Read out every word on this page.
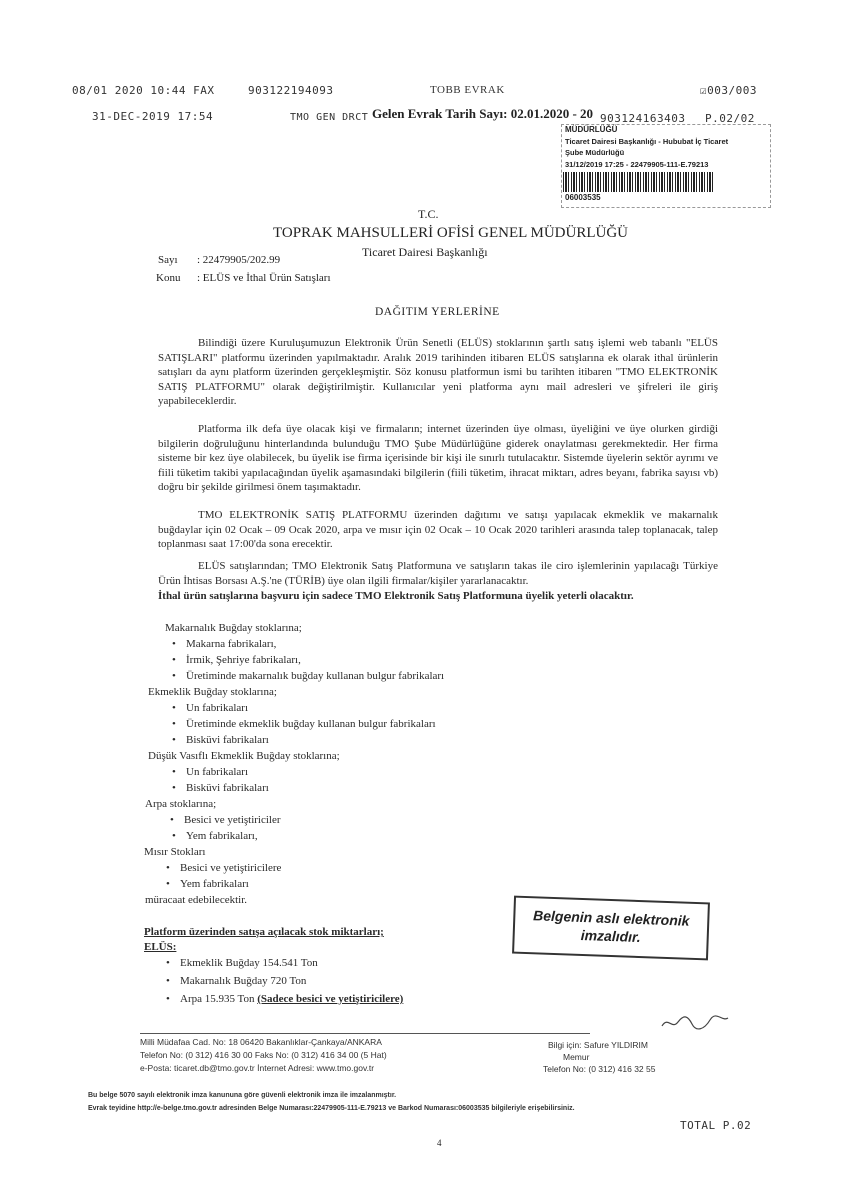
08/01 2020 10:44 FAX	903122194093	TOBB EVRAK	☑003/003
31-DEC-2019 17:54	TMO GEN DRCT Gelen Evrak Tarih Sayı: 02.01.2020 - 20 903124163403 P.02/02
MÜDÜRLÜĞÜ
Ticaret Dairesi Başkanlığı - Hububat İç Ticaret
Şube Müdürlüğü
31/12/2019 17:25 - 22479905-111-E.79213
06003535
T.C.
TOPRAK MAHSULLERİ OFİSİ GENEL MÜDÜRLÜĞÜ
Ticaret Dairesi Başkanlığı
Sayı : 22479905/202.99
Konu : ELÜS ve İthal Ürün Satışları
DAĞITIM YERLERİNE
Bilindiği üzere Kuruluşumuzun Elektronik Ürün Senetli (ELÜS) stoklarının şartlı satış işlemi web tabanlı "ELÜS SATIŞLARI" platformu üzerinden yapılmaktadır. Aralık 2019 tarihinden itibaren ELÜS satışlarına ek olarak ithal ürünlerin satışları da aynı platform üzerinden gerçekleşmiştir. Söz konusu platformun ismi bu tarihten itibaren "TMO ELEKTRONİK SATIŞ PLATFORMU" olarak değiştirilmiştir. Kullanıcılar yeni platforma aynı mail adresleri ve şifreleri ile giriş yapabileceklerdir.
Platforma ilk defa üye olacak kişi ve firmaların; internet üzerinden üye olması, üyeliğini ve üye olurken girdiği bilgilerin doğruluğunu hinterlandında bulunduğu TMO Şube Müdürlüğüne giderek onaylatması gerekmektedir. Her firma sisteme bir kez üye olabilecek, bu üyelik ise firma içerisinde bir kişi ile sınırlı tutulacaktır. Sistemde üyelerin sektör ayrımı ve fiili tüketim takibi yapılacağından üyelik aşamasındaki bilgilerin (fiili tüketim, ihracat miktarı, adres beyanı, fabrika sayısı vb) doğru bir şekilde girilmesi önem taşımaktadır.
TMO ELEKTRONİK SATIŞ PLATFORMU üzerinden dağıtımı ve satışı yapılacak ekmeklik ve makarnalık buğdaylar için 02 Ocak – 09 Ocak 2020, arpa ve mısır için 02 Ocak – 10 Ocak 2020 tarihleri arasında talep toplanacak, talep toplanması saat 17:00'da sona erecektir.
ELÜS satışlarından; TMO Elektronik Satış Platformuna ve satışların takas ile ciro işlemlerinin yapılacağı Türkiye Ürün İhtisas Borsası A.Ş.'ne (TÜRİB) üye olan ilgili firmalar/kişiler yararlanacaktır.
İthal ürün satışlarına başvuru için sadece TMO Elektronik Satış Platformuna üyelik yeterli olacaktır.
Makarnalık Buğday stoklarına;
• Makarna fabrikaları,
• İrmik, Şehriye fabrikaları,
• Üretiminde makarnalık buğday kullanan bulgur fabrikaları
Ekmeklik Buğday stoklarına;
• Un fabrikaları
• Üretiminde ekmeklik buğday kullanan bulgur fabrikaları
• Bisküvi fabrikaları
Düşük Vasıflı Ekmeklik Buğday stoklarına;
• Un fabrikaları
• Bisküvi fabrikaları
Arpa stoklarına;
• Besici ve yetiştiriciler
• Yem fabrikaları,
Mısır Stokları
• Besici ve yetiştiricilere
• Yem fabrikaları
müracaat edebilecektir.
Platform üzerinden satışa açılacak stok miktarları;
ELÜS:
• Ekmeklik Buğday 154.541 Ton
• Makarnalık Buğday 720 Ton
• Arpa 15.935 Ton (Sadece besici ve yetiştiricilere)
Belgenin aslı elektronik imzalıdır.
Milli Müdafaa Cad. No: 18 06420 Bakanlıklar-Çankaya/ANKARA
Telefon No: (0 312) 416 30 00 Faks No: (0 312) 416 34 00 (5 Hat)
e-Posta: ticaret.db@tmo.gov.tr İnternet Adresi: www.tmo.gov.tr
Bilgi için: Safure YILDIRIM
Memur
Telefon No: (0 312) 416 32 55
Bu belge 5070 sayılı elektronik imza kanununa göre güvenli elektronik imza ile imzalanmıştır.
Evrak teyidine http://e-belge.tmo.gov.tr adresinden Belge Numarası:22479905-111-E.79213 ve Barkod Numarası:06003535 bilgileriyle erişebilirsiniz.
TOTAL P.02
4
